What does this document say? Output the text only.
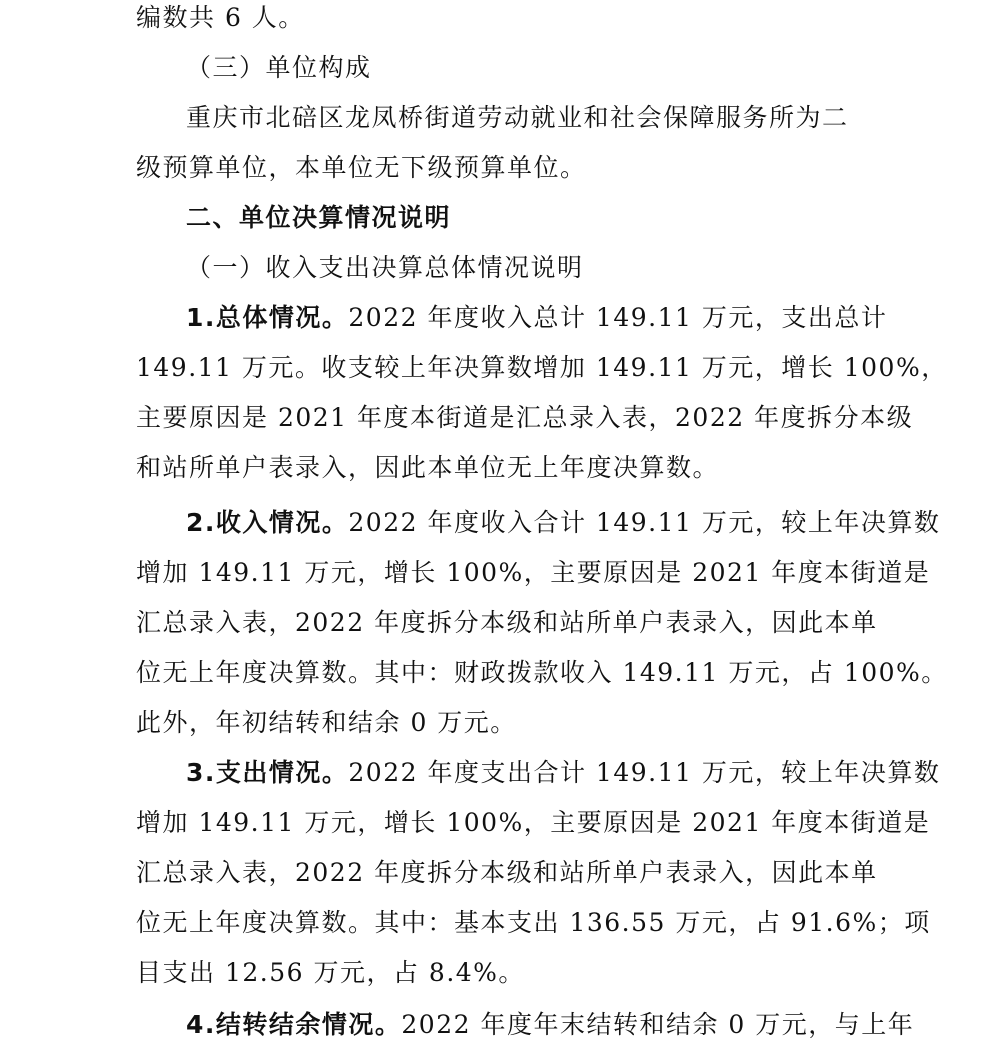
编数共 6 人。
（三）单位构成
重庆市北碚区龙凤桥街道劳动就业和社会保障服务所为二
级预算单位，本单位无下级预算单位。
二、单位决算情况说明
（一）收入支出决算总体情况说明
1.总体情况。2022 年度收入总计 149.11 万元，支出总计
149.11 万元。收支较上年决算数增加 149.11 万元，增长 100%，
主要原因是 2021 年度本街道是汇总录入表，2022 年度拆分本级
和站所单户表录入，因此本单位无上年度决算数。
2.收入情况。2022 年度收入合计 149.11 万元，较上年决算数
增加 149.11 万元，增长 100%，主要原因是 2021 年度本街道是
汇总录入表，2022 年度拆分本级和站所单户表录入，因此本单
位无上年度决算数。其中：财政拨款收入 149.11 万元，占 100%。
此外，年初结转和结余 0 万元。
3.支出情况。2022 年度支出合计 149.11 万元，较上年决算数
增加 149.11 万元，增长 100%，主要原因是 2021 年度本街道是
汇总录入表，2022 年度拆分本级和站所单户表录入，因此本单
位无上年度决算数。其中：基本支出 136.55 万元，占 91.6%；项
目支出 12.56 万元，占 8.4%。
4.结转结余情况。2022 年度年末结转和结余 0 万元，与上年
